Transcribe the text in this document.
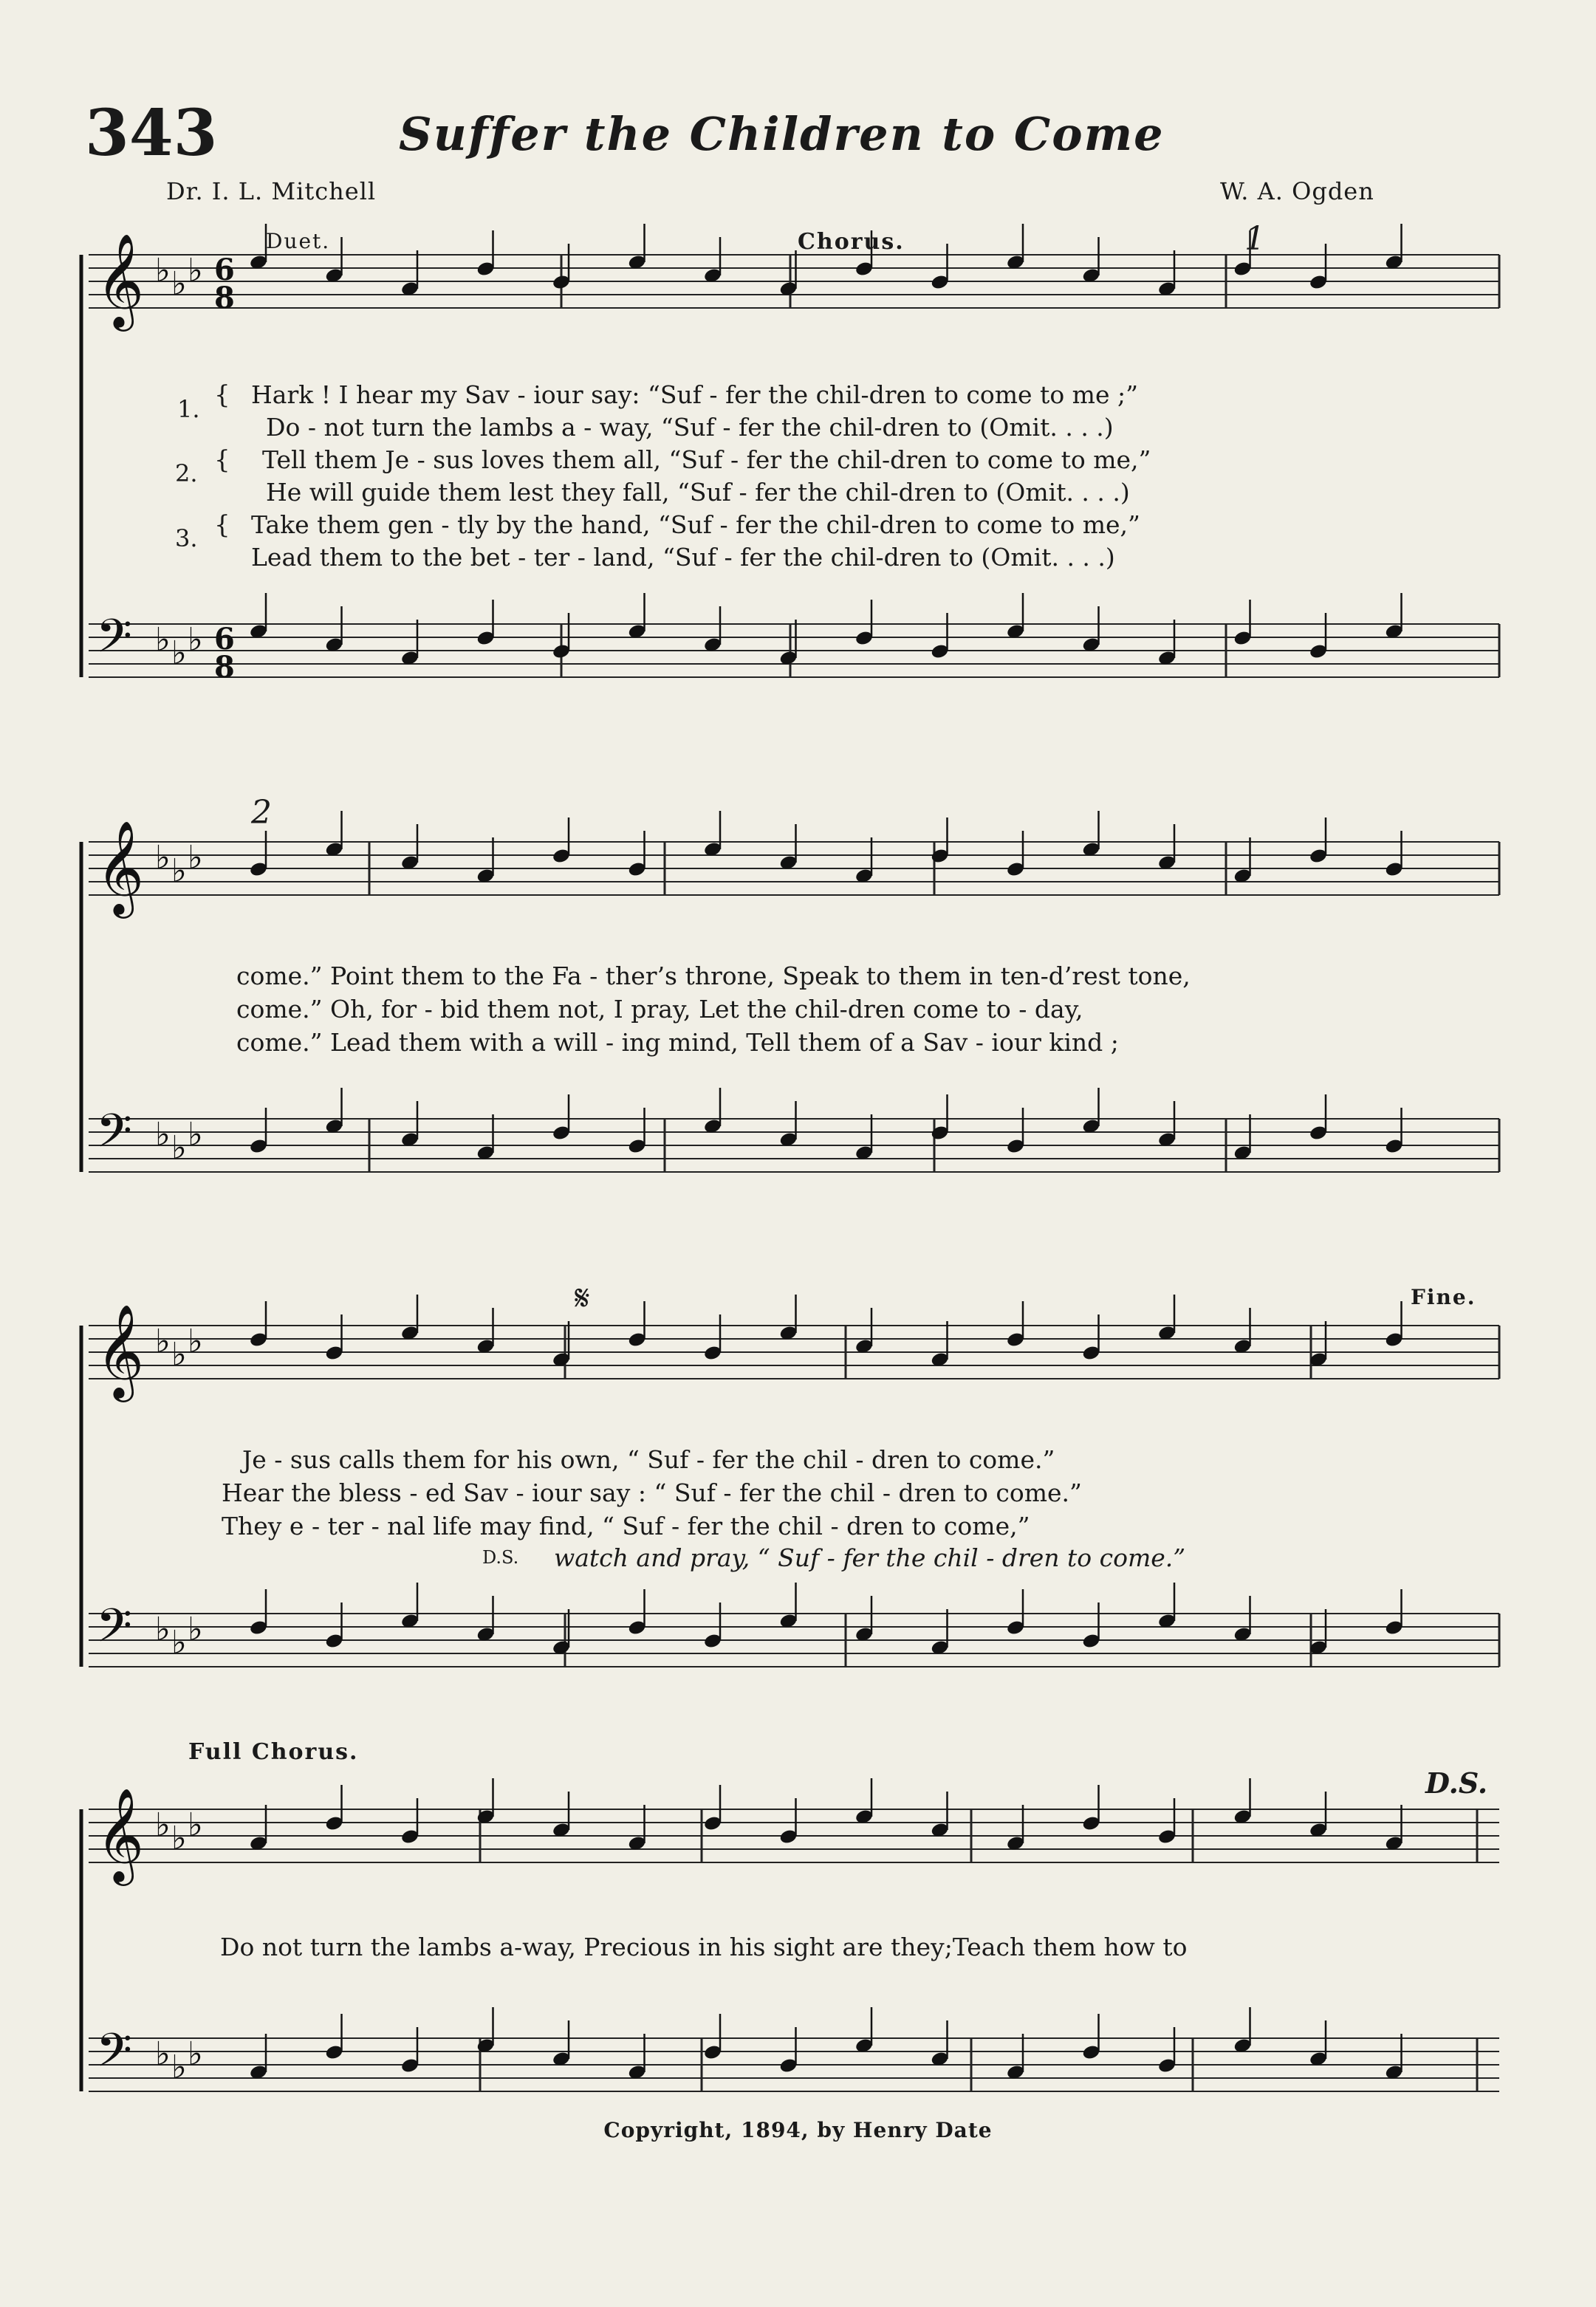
343	Suffer the Children to Come
Dr. I. L. Mitchell	W. A. Ogden
𝄞 ♭ ♭ ♭ 6
8
𝄢 ♭ ♭ ♭ 6
8
𝄞 ♭ ♭ ♭
𝄢 ♭ ♭ ♭
𝄞 ♭ ♭ ♭
𝄢 ♭ ♭ ♭
𝄞 ♭ ♭ ♭
𝄢 ♭ ♭ ♭
Duet.	Chorus.	1
1. { Hark ! I hear my Sav - iour say: “Suf - fer the chil-dren to come to me ;”
Do - not turn the lambs a - way, “Suf - fer the chil-dren to (Omit. . . .)
2. { Tell them Je - sus loves them all, “Suf - fer the chil-dren to come to me,”
He will guide them lest they fall, “Suf - fer the chil-dren to (Omit. . . .)
3. { Take them gen - tly by the hand, “Suf - fer the chil-dren to come to me,”
Lead them to the bet - ter - land, “Suf - fer the chil-dren to (Omit. . . .)
2
come.” Point them to the Fa - ther’s throne, Speak to them in ten-d’rest tone,
come.” Oh, for - bid them not, I pray, Let the chil-dren come to - day,
come.” Lead them with a will - ing mind, Tell them of a Sav - iour kind ;
𝄋	Fine.
Je - sus calls them for his own, “ Suf - fer the chil - dren to come.”
Hear the bless - ed Sav - iour say : “ Suf - fer the chil - dren to come.”
They e - ter - nal life may find, “ Suf - fer the chil - dren to come,”
D.S. watch and pray, “ Suf - fer the chil - dren to come.”
Full Chorus.
D.S.
Do not turn the lambs a-way, Precious in his sight are they;Teach them how to
Copyright, 1894, by Henry Date
